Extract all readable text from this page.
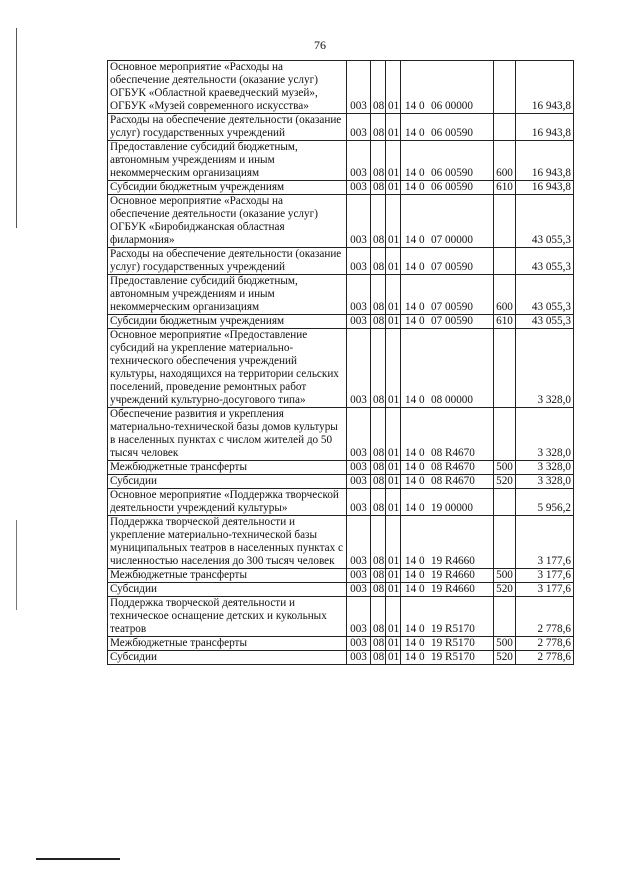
76
Основное мероприятие «Расходы на обеспечение деятельности (оказание услуг) ОГБУК «Областной краеведческий музей», ОГБУК «Музей современного искусства»	003	08	01	14 0 06 00000		16 943,8
Расходы на обеспечение деятельности (оказание услуг) государственных учреждений	003	08	01	14 0 06 00590		16 943,8
Предоставление субсидий бюджетным, автономным учреждениям и иным некоммерческим организациям	003	08	01	14 0 06 00590	600	16 943,8
Субсидии бюджетным учреждениям	003	08	01	14 0 06 00590	610	16 943,8
Основное мероприятие «Расходы на обеспечение деятельности (оказание услуг) ОГБУК «Биробиджанская областная филармония»	003	08	01	14 0 07 00000		43 055,3
Расходы на обеспечение деятельности (оказание услуг) государственных учреждений	003	08	01	14 0 07 00590		43 055,3
Предоставление субсидий бюджетным, автономным учреждениям и иным некоммерческим организациям	003	08	01	14 0 07 00590	600	43 055,3
Субсидии бюджетным учреждениям	003	08	01	14 0 07 00590	610	43 055,3
Основное мероприятие «Предоставление субсидий на укрепление материально-технического обеспечения учреждений культуры, находящихся на территории сельских поселений, проведение ремонтных работ учреждений культурно-досугового типа»	003	08	01	14 0 08 00000		3 328,0
Обеспечение развития и укрепления материально-технической базы домов культуры в населенных пунктах с числом жителей до 50 тысяч человек	003	08	01	14 0 08 R4670		3 328,0
Межбюджетные трансферты	003	08	01	14 0 08 R4670	500	3 328,0
Субсидии	003	08	01	14 0 08 R4670	520	3 328,0
Основное мероприятие «Поддержка творческой деятельности учреждений культуры»	003	08	01	14 0 19 00000		5 956,2
Поддержка творческой деятельности и укрепление материально-технической базы муниципальных театров в населенных пунктах с численностью населения до 300 тысяч человек	003	08	01	14 0 19 R4660		3 177,6
Межбюджетные трансферты	003	08	01	14 0 19 R4660	500	3 177,6
Субсидии	003	08	01	14 0 19 R4660	520	3 177,6
Поддержка творческой деятельности и техническое оснащение детских и кукольных театров	003	08	01	14 0 19 R5170		2 778,6
Межбюджетные трансферты	003	08	01	14 0 19 R5170	500	2 778,6
Субсидии	003	08	01	14 0 19 R5170	520	2 778,6
